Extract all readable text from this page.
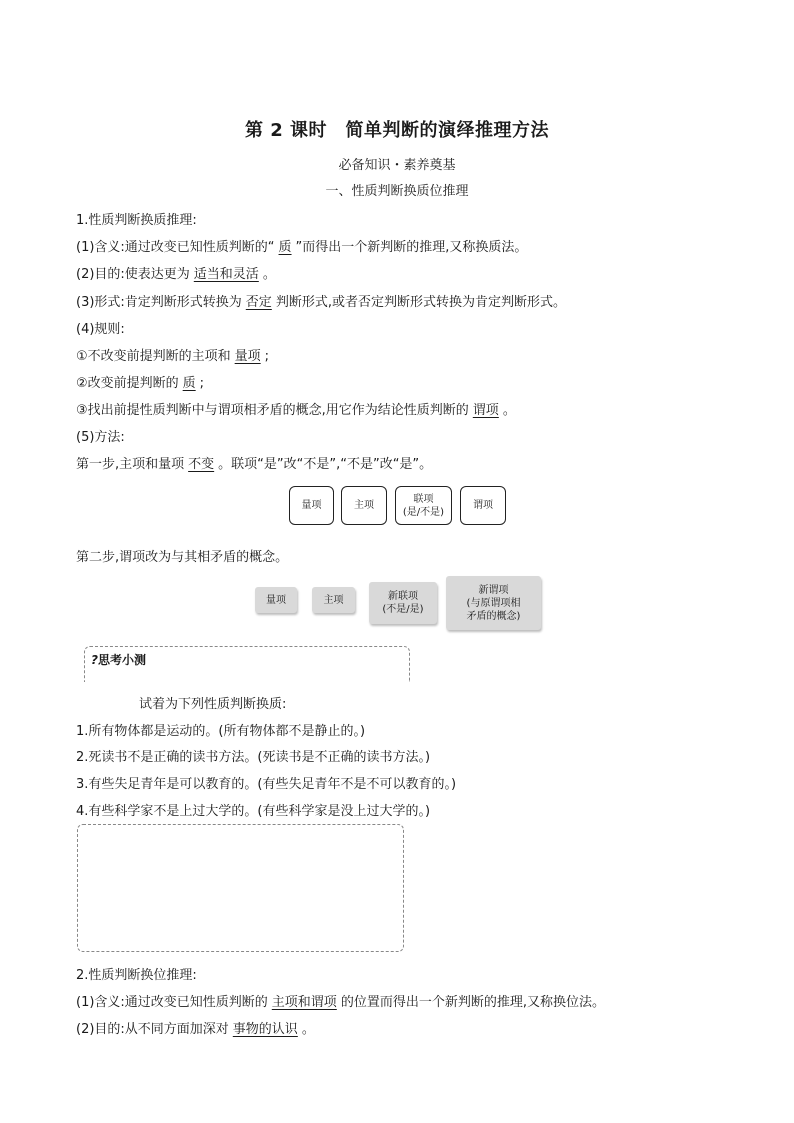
第 2 课时　简单判断的演绎推理方法
必备知识・素养奠基
一、性质判断换质位推理
1.性质判断换质推理:
(1)含义:通过改变已知性质判断的“ 质 ”而得出一个新判断的推理,又称换质法。
(2)目的:使表达更为 适当和灵活 。
(3)形式:肯定判断形式转换为 否定 判断形式,或者否定判断形式转换为肯定判断形式。
(4)规则:
①不改变前提判断的主项和 量项 ;
②改变前提判断的 质 ;
③找出前提性质判断中与谓项相矛盾的概念,用它作为结论性质判断的 谓项 。
(5)方法:
第一步,主项和量项 不变 。联项“是”改“不是”,“不是”改“是”。
量项	主项
联项
(是/不是)
谓项
第二步,谓项改为与其相矛盾的概念。
量项	主项	新联项
(不是/是)
新谓项
(与原谓项相
矛盾的概念)
?思考小测
试着为下列性质判断换质:
1.所有物体都是运动的。(所有物体都不是静止的。)
2.死读书不是正确的读书方法。(死读书是不正确的读书方法。)
3.有些失足青年是可以教育的。(有些失足青年不是不可以教育的。)
4.有些科学家不是上过大学的。(有些科学家是没上过大学的。)
2.性质判断换位推理:
(1)含义:通过改变已知性质判断的 主项和谓项 的位置而得出一个新判断的推理,又称换位法。
(2)目的:从不同方面加深对 事物的认识 。
